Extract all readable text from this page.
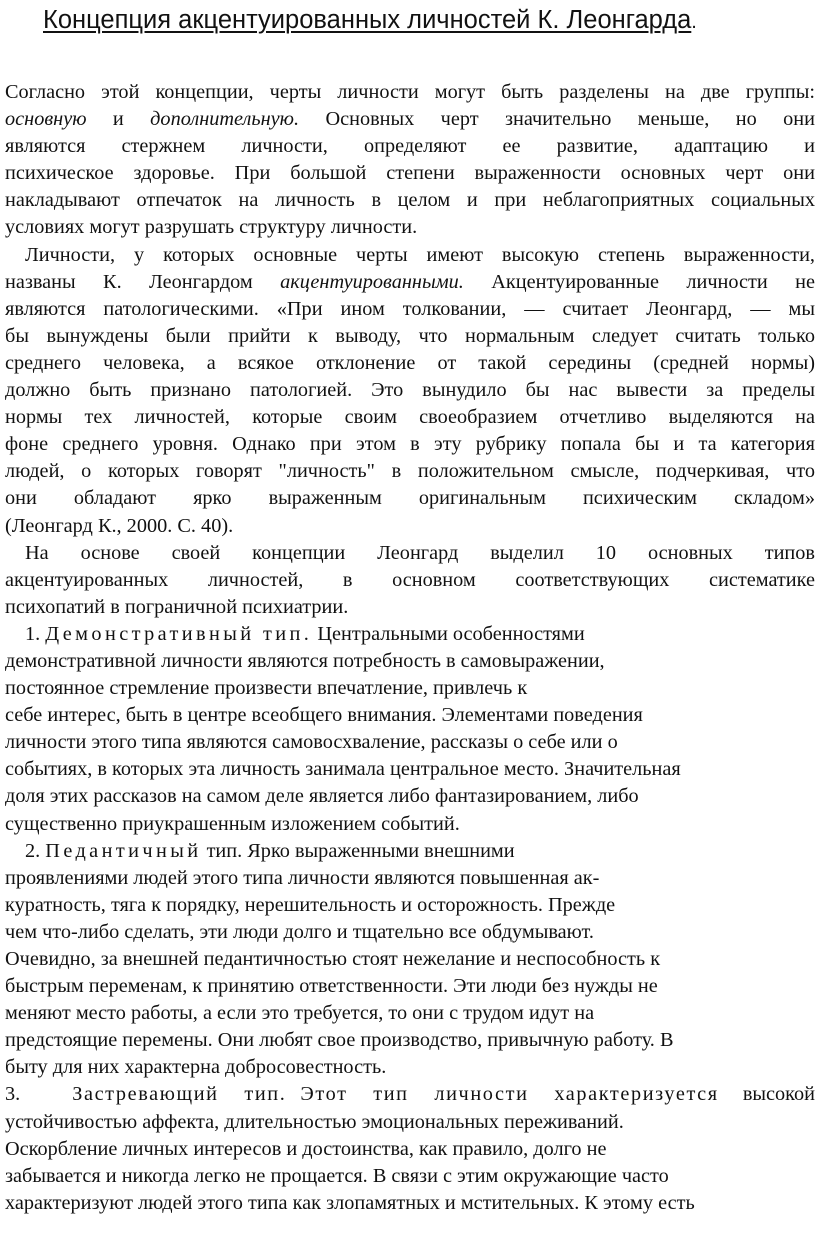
Концепция акцентуированных личностей К. Леонгарда.
Согласно этой концепции, черты личности могут быть разделены на две группы:
основную и дополнительную. Основных черт значительно меньше, но они
являются стержнем личности, определяют ее развитие, адаптацию и
психическое здоровье. При большой степени выраженности основных черт они
накладывают отпечаток на личность в целом и при неблагоприятных социальных
условиях могут разрушать структуру личности.
Личности, у которых основные черты имеют высокую степень выраженности,
названы К. Леонгардом акцентуированными. Акцентуированные личности не
являются патологическими. «При ином толковании, — считает Леонгард, — мы
бы вынуждены были прийти к выводу, что нормальным следует считать только
среднего человека, а всякое отклонение от такой середины (средней нормы)
должно быть признано патологией. Это вынудило бы нас вывести за пределы
нормы тех личностей, которые своим своеобразием отчетливо выделяются на
фоне среднего уровня. Однако при этом в эту рубрику попала бы и та категория
людей, о которых говорят "личность" в положительном смысле, подчеркивая, что
они обладают ярко выраженным оригинальным психическим складом»
(Леонгард К., 2000. С. 40).
На основе своей концепции Леонгард выделил 10 основных типов
акцентуированных личностей, в основном соответствующих систематике
психопатий в пограничной психиатрии.
1. Демонстративный тип. Центральными особенностями
демонстративной личности являются потребность в самовыражении,
постоянное стремление произвести впечатление, привлечь к
себе интерес, быть в центре всеобщего внимания. Элементами поведения
личности этого типа являются самовосхваление, рассказы о себе или о
событиях, в которых эта личность занимала центральное место. Значительная
доля этих рассказов на самом деле является либо фантазированием, либо
существенно приукрашенным изложением событий.
2. Педантичный тип. Ярко выраженными внешними
проявлениями людей этого типа личности являются повышенная ак-
куратность, тяга к порядку, нерешительность и осторожность. Прежде
чем что-либо сделать, эти люди долго и тщательно все обдумывают.
Очевидно, за внешней педантичностью стоят нежелание и неспособность к
быстрым переменам, к принятию ответственности. Эти люди без нужды не
меняют место работы, а если это требуется, то они с трудом идут на
предстоящие перемены. Они любят свое производство, привычную работу. В
быту для них характерна добросовестность.
3.	Застревающий тип. Этот тип личности характеризуется высокой
устойчивостью аффекта, длительностью эмоциональных переживаний.
Оскорбление личных интересов и достоинства, как правило, долго не
забывается и никогда легко не прощается. В связи с этим окружающие часто
характеризуют людей этого типа как злопамятных и мстительных. К этому есть
